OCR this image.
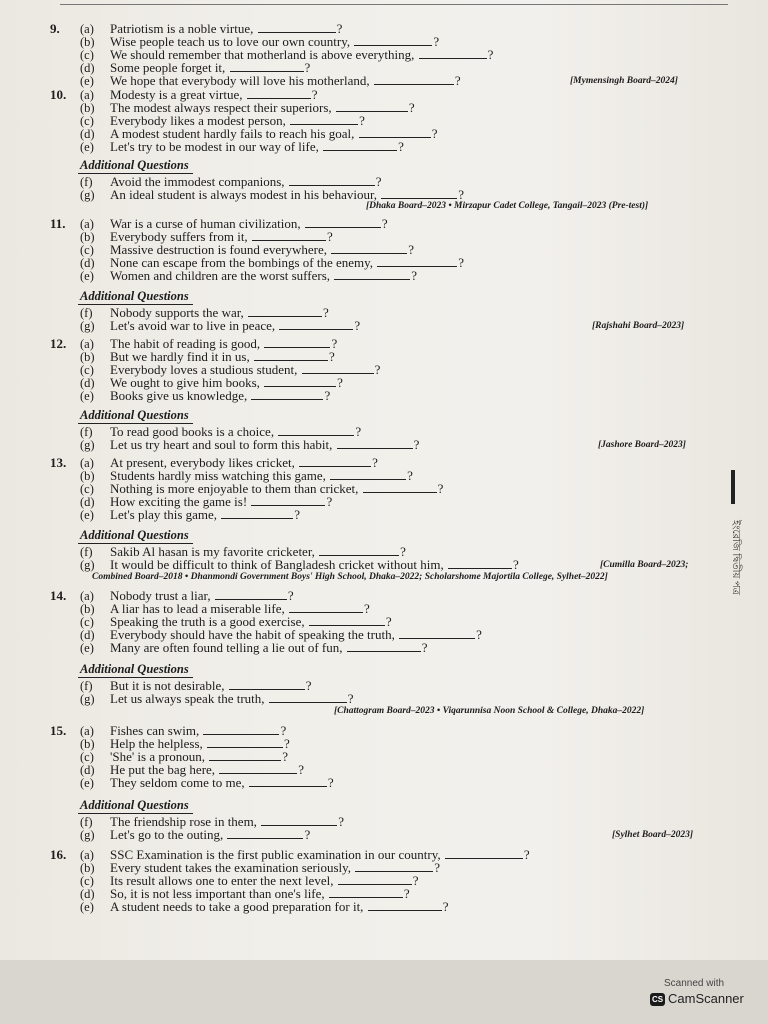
9.	(a)	Patriotism is a noble virtue,	?
(b)	Wise people teach us to love our own country,	?
(c)	We should remember that motherland is above everything,	?
(d)	Some people forget it,	?
(e)	We hope that everybody will love his motherland,	?	[Mymensingh Board–2024]
10.	(a)	Modesty is a great virtue,	?
(b)	The modest always respect their superiors,	?
(c)	Everybody likes a modest person,	?
(d)	A modest student hardly fails to reach his goal,	?
(e)	Let's try to be modest in our way of life,	?
Additional Questions
(f)	Avoid the immodest companions,	?
(g)	An ideal student is always modest in his behaviour,	?
[Dhaka Board–2023 • Mirzapur Cadet College, Tangail–2023 (Pre-test)]
11.	(a)	War is a curse of human civilization,	?
(b)	Everybody suffers from it,	?
(c)	Massive destruction is found everywhere,	?
(d)	None can escape from the bombings of the enemy,	?
(e)	Women and children are the worst suffers,	?
Additional Questions
(f)	Nobody supports the war,	?
(g)	Let's avoid war to live in peace,	?	[Rajshahi Board–2023]
12.	(a)	The habit of reading is good,	?
(b)	But we hardly find it in us,	?
(c)	Everybody loves a studious student,	?
(d)	We ought to give him books,	?
(e)	Books give us knowledge,	?
Additional Questions
(f)	To read good books is a choice,	?
(g)	Let us try heart and soul to form this habit,	?	[Jashore Board–2023]
13.	(a)	At present, everybody likes cricket,	?
(b)	Students hardly miss watching this game,	?
(c)	Nothing is more enjoyable to them than cricket,	?
(d)	How exciting the game is!	?
(e)	Let's play this game,	?
Additional Questions
(f)	Sakib Al hasan is my favorite cricketer,	?
(g)	It would be difficult to think of Bangladesh cricket without him,	?	[Cumilla Board–2023;
Combined Board–2018 • Dhanmondi Government Boys' High School, Dhaka–2022; Scholarshome Majortila College, Sylhet–2022]
14.	(a)	Nobody trust a liar,	?
(b)	A liar has to lead a miserable life,	?
(c)	Speaking the truth is a good exercise,	?
(d)	Everybody should have the habit of speaking the truth,	?
(e)	Many are often found telling a lie out of fun,	?
Additional Questions
(f)	But it is not desirable,	?
(g)	Let us always speak the truth,	?
[Chattogram Board–2023 • Viqarunnisa Noon School & College, Dhaka–2022]
15.	(a)	Fishes can swim,	?
(b)	Help the helpless,	?
(c)	'She' is a pronoun,	?
(d)	He put the bag here,	?
(e)	They seldom come to me,	?
Additional Questions
(f)	The friendship rose in them,	?
(g)	Let's go to the outing,	?	[Sylhet Board–2023]
16.	(a)	SSC Examination is the first public examination in our country,	?
(b)	Every student takes the examination seriously,	?
(c)	Its result allows one to enter the next level,	?
(d)	So, it is not less important than one's life,	?
(e)	A student needs to take a good preparation for it,	?
ইংরেজি দ্বিতীয় পত্র
Scanned with
CS CamScanner
